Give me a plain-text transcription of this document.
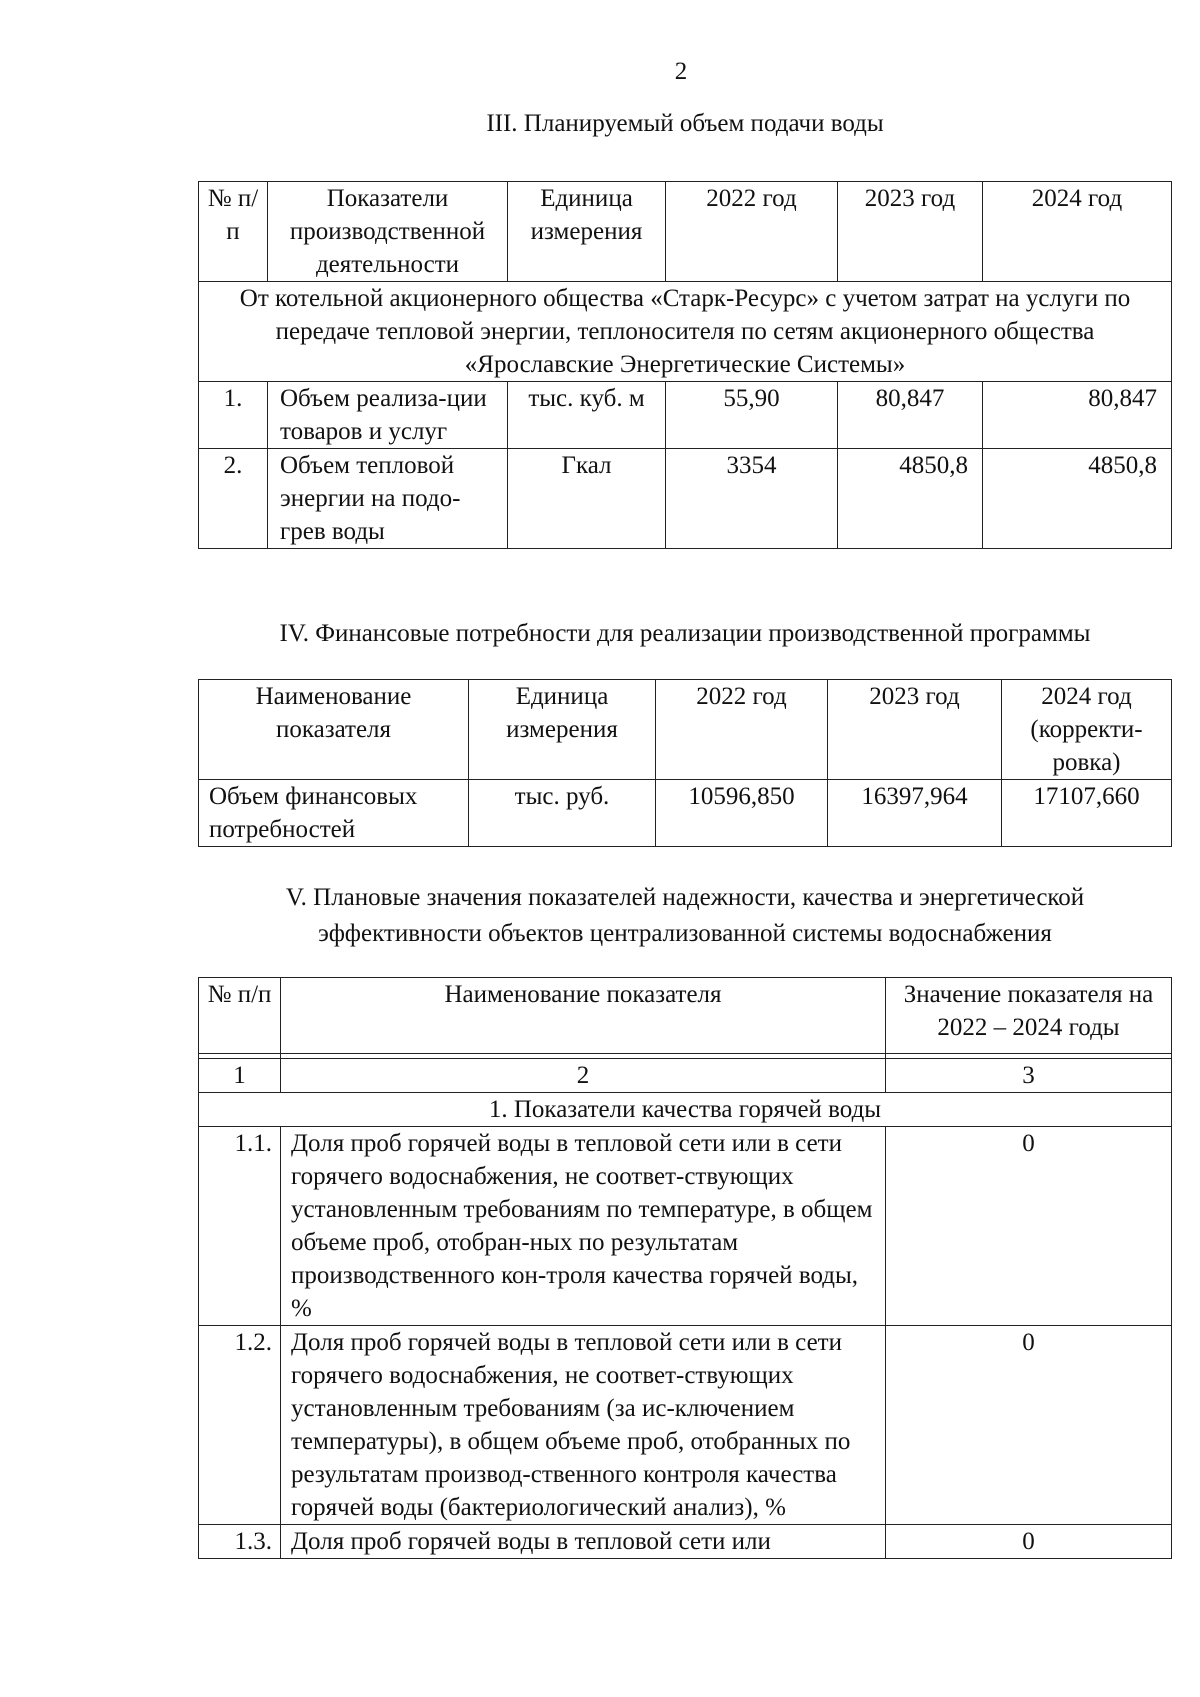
2
III. Планируемый объем подачи воды
№ п/п	Показатели производственной деятельности	Единица измерения	2022 год	2023 год	2024 год
От котельной акционерного общества «Старк-Ресурс» с учетом затрат на услуги по передаче тепловой энергии, теплоносителя по сетям акционерного общества «Ярославские Энергетические Системы»					
1.	Объем реализа-ции товаров и услуг	тыс. куб. м	55,90	80,847	80,847
2.	Объем тепловой энергии на подо-грев воды	Гкал	3354	4850,8	4850,8
IV. Финансовые потребности для реализации производственной программы
Наименование показателя	Единица измерения	2022 год	2023 год	2024 год (корректи-ровка)
Объем финансовых потребностей	тыс. руб.	10596,850	16397,964	17107,660
V. Плановые значения показателей надежности, качества и энергетической эффективности объектов централизованной системы водоснабжения
№ п/п	Наименование показателя	Значение показателя на 2022 – 2024 годы

1	2	3
1. Показатели качества горячей воды		
1.1.	Доля проб горячей воды в тепловой сети или в сети горячего водоснабжения, не соответ-ствующих установленным требованиям по температуре, в общем объеме проб, отобран-ных по результатам производственного кон-троля качества горячей воды, %	0
1.2.	Доля проб горячей воды в тепловой сети или в сети горячего водоснабжения, не соответ-ствующих установленным требованиям (за ис-ключением температуры), в общем объеме проб, отобранных по результатам производ-ственного контроля качества горячей воды (бактериологический анализ), %	0
1.3.	Доля проб горячей воды в тепловой сети или	0
